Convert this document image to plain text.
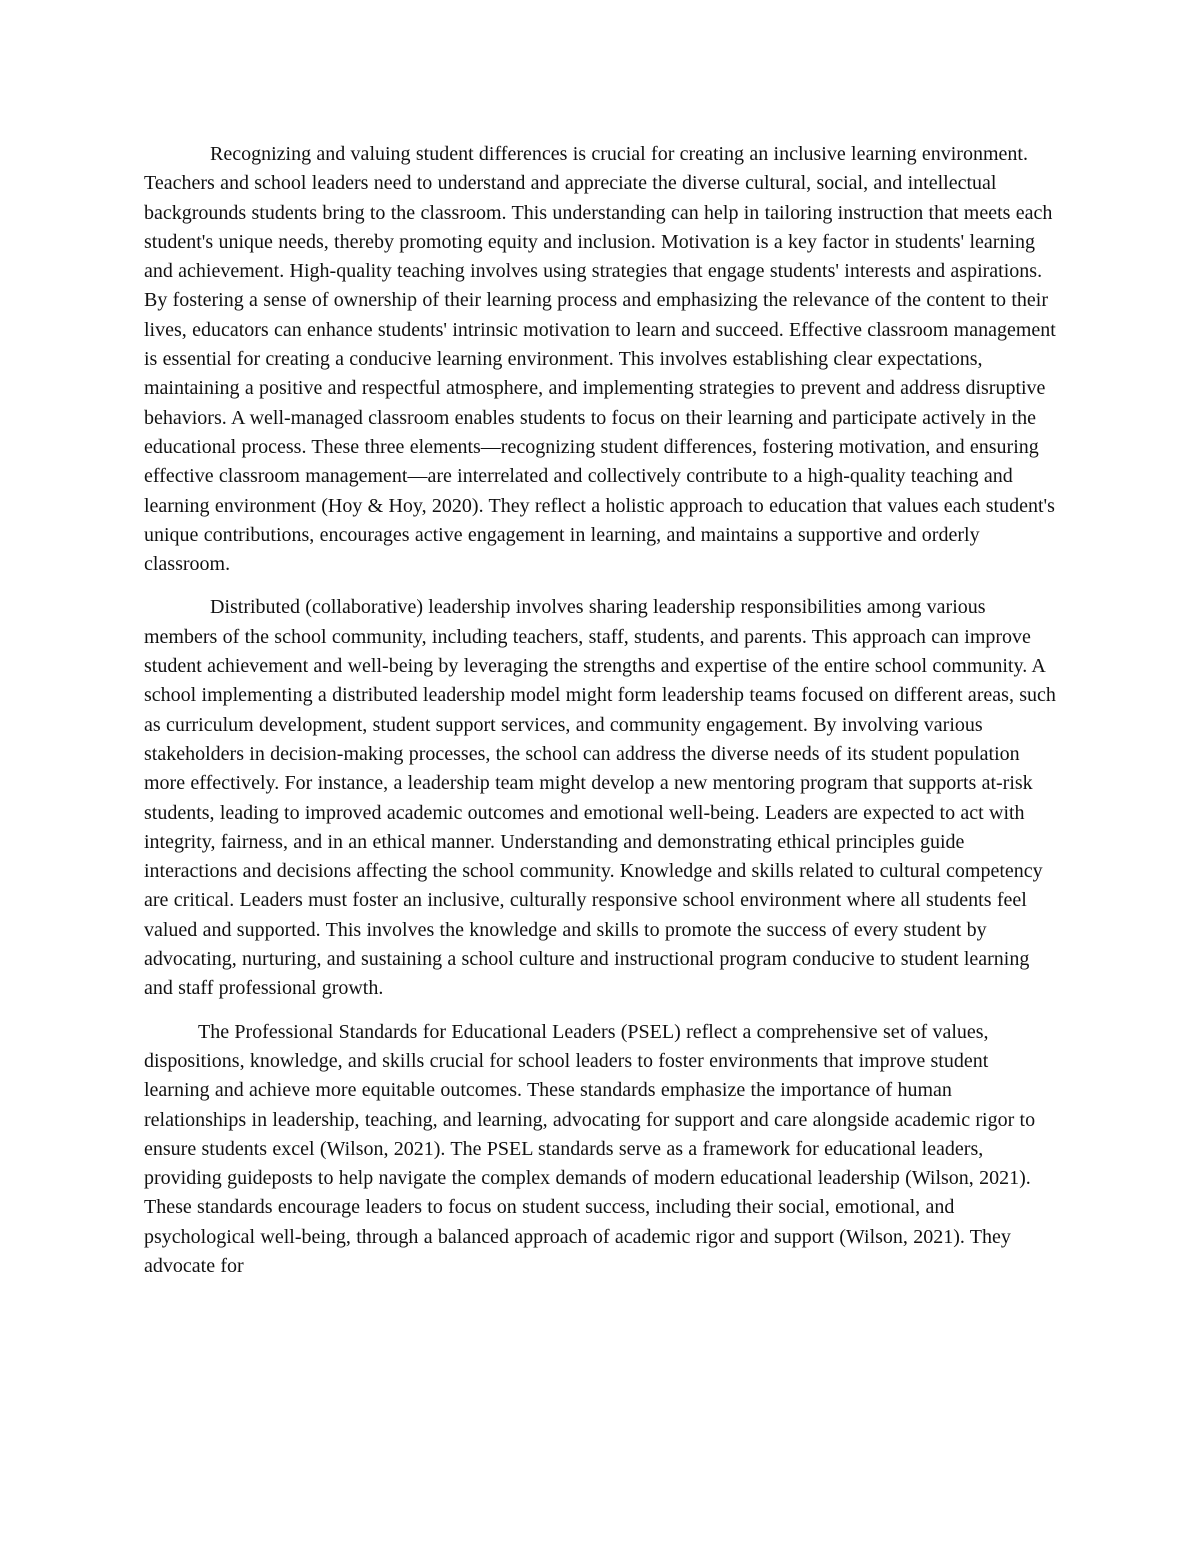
Recognizing and valuing student differences is crucial for creating an inclusive learning environment. Teachers and school leaders need to understand and appreciate the diverse cultural, social, and intellectual backgrounds students bring to the classroom. This understanding can help in tailoring instruction that meets each student's unique needs, thereby promoting equity and inclusion. Motivation is a key factor in students' learning and achievement. High-quality teaching involves using strategies that engage students' interests and aspirations. By fostering a sense of ownership of their learning process and emphasizing the relevance of the content to their lives, educators can enhance students' intrinsic motivation to learn and succeed. Effective classroom management is essential for creating a conducive learning environment. This involves establishing clear expectations, maintaining a positive and respectful atmosphere, and implementing strategies to prevent and address disruptive behaviors. A well-managed classroom enables students to focus on their learning and participate actively in the educational process. These three elements—recognizing student differences, fostering motivation, and ensuring effective classroom management—are interrelated and collectively contribute to a high-quality teaching and learning environment (Hoy & Hoy, 2020). They reflect a holistic approach to education that values each student's unique contributions, encourages active engagement in learning, and maintains a supportive and orderly classroom.

Distributed (collaborative) leadership involves sharing leadership responsibilities among various members of the school community, including teachers, staff, students, and parents. This approach can improve student achievement and well-being by leveraging the strengths and expertise of the entire school community. A school implementing a distributed leadership model might form leadership teams focused on different areas, such as curriculum development, student support services, and community engagement. By involving various stakeholders in decision-making processes, the school can address the diverse needs of its student population more effectively. For instance, a leadership team might develop a new mentoring program that supports at-risk students, leading to improved academic outcomes and emotional well-being. Leaders are expected to act with integrity, fairness, and in an ethical manner. Understanding and demonstrating ethical principles guide interactions and decisions affecting the school community. Knowledge and skills related to cultural competency are critical. Leaders must foster an inclusive, culturally responsive school environment where all students feel valued and supported. This involves the knowledge and skills to promote the success of every student by advocating, nurturing, and sustaining a school culture and instructional program conducive to student learning and staff professional growth.

The Professional Standards for Educational Leaders (PSEL) reflect a comprehensive set of values, dispositions, knowledge, and skills crucial for school leaders to foster environments that improve student learning and achieve more equitable outcomes. These standards emphasize the importance of human relationships in leadership, teaching, and learning, advocating for support and care alongside academic rigor to ensure students excel (Wilson, 2021). The PSEL standards serve as a framework for educational leaders, providing guideposts to help navigate the complex demands of modern educational leadership (Wilson, 2021). These standards encourage leaders to focus on student success, including their social, emotional, and psychological well-being, through a balanced approach of academic rigor and support (Wilson, 2021). They advocate for
